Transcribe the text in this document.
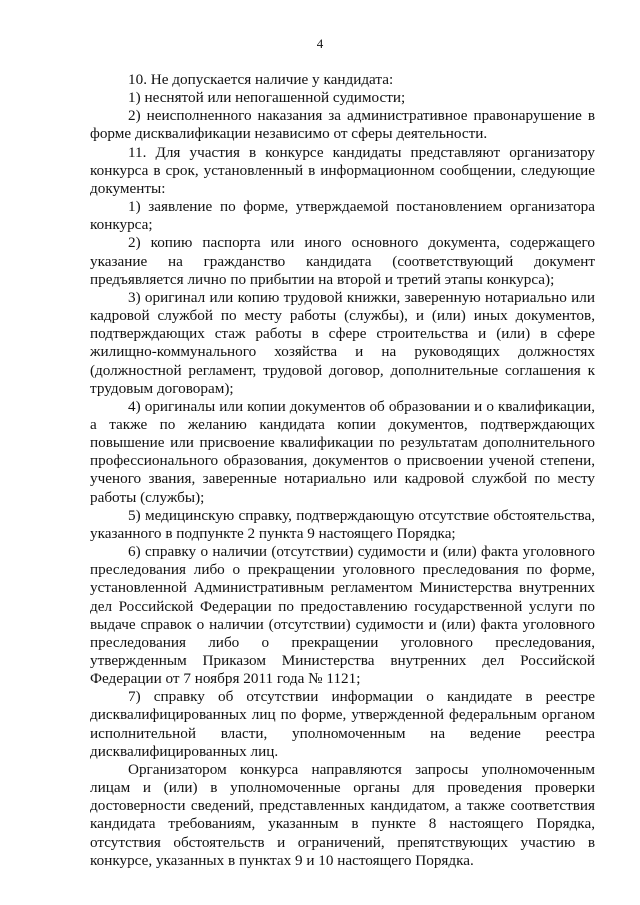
4

10. Не допускается наличие у кандидата:

1) неснятой или непогашенной судимости;

2) неисполненного наказания за административное правонарушение в форме дисквалификации независимо от сферы деятельности.

11. Для участия в конкурсе кандидаты представляют организатору конкурса в срок, установленный в информационном сообщении, следующие документы:

1) заявление по форме, утверждаемой постановлением организатора конкурса;

2) копию паспорта или иного основного документа, содержащего указание на гражданство кандидата (соответствующий документ предъявляется лично по прибытии на второй и третий этапы конкурса);

3) оригинал или копию трудовой книжки, заверенную нотариально или кадровой службой по месту работы (службы), и (или) иных документов, подтверждающих стаж работы в сфере строительства и (или) в сфере жилищно-коммунального хозяйства и на руководящих должностях (должностной регламент, трудовой договор, дополнительные соглашения к трудовым договорам);

4) оригиналы или копии документов об образовании и о квалификации, а также по желанию кандидата копии документов, подтверждающих повышение или присвоение квалификации по результатам дополнительного профессионального образования, документов о присвоении ученой степени, ученого звания, заверенные нотариально или кадровой службой по месту работы (службы);

5) медицинскую справку, подтверждающую отсутствие обстоятельства, указанного в подпункте 2 пункта 9 настоящего Порядка;

6) справку о наличии (отсутствии) судимости и (или) факта уголовного преследования либо о прекращении уголовного преследования по форме, установленной Административным регламентом Министерства внутренних дел Российской Федерации по предоставлению государственной услуги по выдаче справок о наличии (отсутствии) судимости и (или) факта уголовного преследования либо о прекращении уголовного преследования, утвержденным Приказом Министерства внутренних дел Российской Федерации от 7 ноября 2011 года № 1121;

7) справку об отсутствии информации о кандидате в реестре дисквалифицированных лиц по форме, утвержденной федеральным органом исполнительной власти, уполномоченным на ведение реестра дисквалифицированных лиц.

Организатором конкурса направляются запросы уполномоченным лицам и (или) в уполномоченные органы для проведения проверки достоверности сведений, представленных кандидатом, а также соответствия кандидата требованиям, указанным в пункте 8 настоящего Порядка, отсутствия обстоятельств и ограничений, препятствующих участию в конкурсе, указанных в пунктах 9 и 10 настоящего Порядка.
